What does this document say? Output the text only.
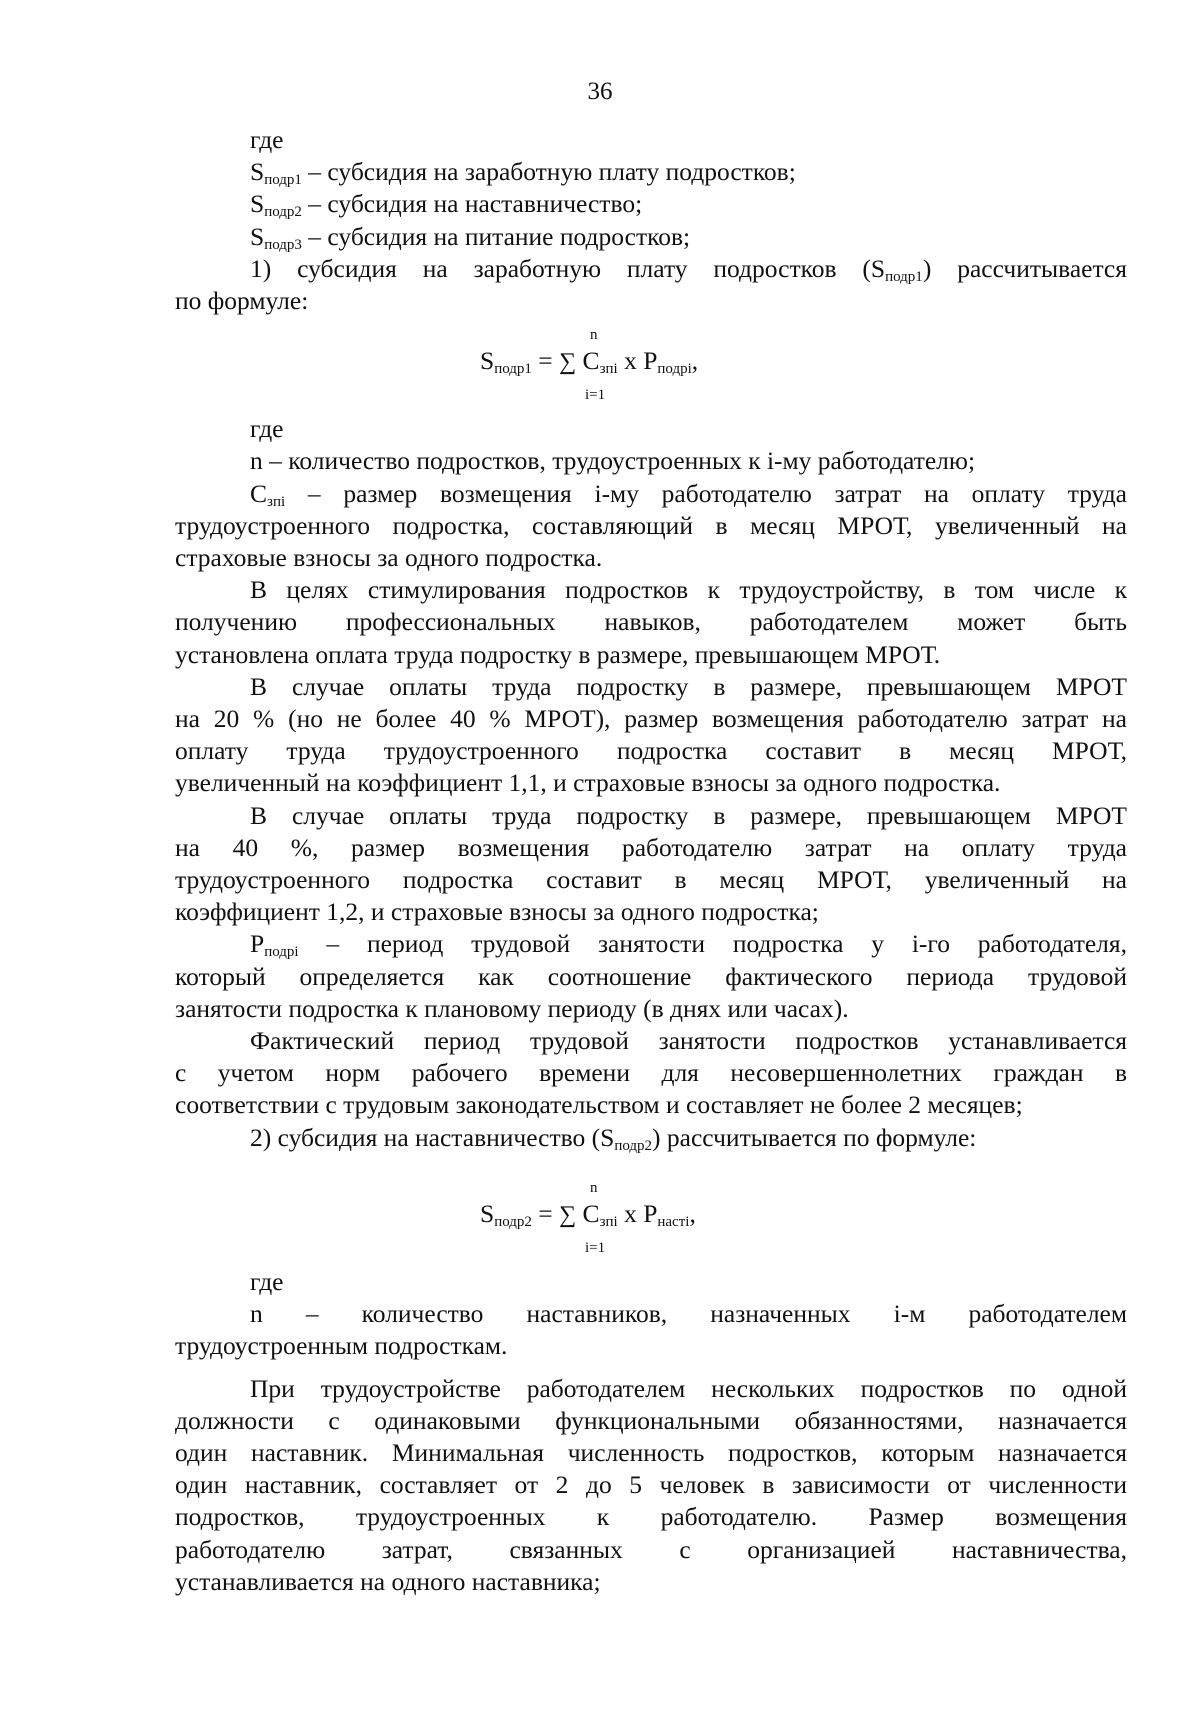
36

где

$S_{подр1}$ – субсидия на заработную плату подростков;

$S_{подр2}$ – субсидия на наставничество;

$S_{подр3}$ – субсидия на питание подростков;

1) субсидия на заработную плату подростков $(S_{подр1})$ рассчитывается

по формуле:

n
$S_{подр1}$ = ∑ $C_{зпi}$ x $P_{подрi}$,
i=1

где

n – количество подростков, трудоустроенных к i-му работодателю;

$C_{зпi}$ – размер возмещения i-му работодателю затрат на оплату труда

трудоустроенного подростка, составляющий в месяц МРОТ, увеличенный на

страховые взносы за одного подростка.

В целях стимулирования подростков к трудоустройству, в том числе к

получению профессиональных навыков, работодателем может быть

установлена оплата труда подростку в размере, превышающем МРОТ.

В случае оплаты труда подростку в размере, превышающем МРОТ

на 20 % (но не более 40 % МРОТ), размер возмещения работодателю затрат на

оплату труда трудоустроенного подростка составит в месяц МРОТ,

увеличенный на коэффициент 1,1, и страховые взносы за одного подростка.

В случае оплаты труда подростку в размере, превышающем МРОТ

на 40 %, размер возмещения работодателю затрат на оплату труда

трудоустроенного подростка составит в месяц МРОТ, увеличенный на

коэффициент 1,2, и страховые взносы за одного подростка;

$P_{подрi}$ – период трудовой занятости подростка у i-го работодателя,

который определяется как соотношение фактического периода трудовой

занятости подростка к плановому периоду (в днях или часах).

Фактический период трудовой занятости подростков устанавливается

с учетом норм рабочего времени для несовершеннолетних граждан в

соответствии с трудовым законодательством и составляет не более 2 месяцев;

2) субсидия на наставничество $(S_{подр2})$ рассчитывается по формуле:

n
$S_{подр2}$ = ∑ $C_{зпi}$ x $P_{настi}$,
i=1

где

n – количество наставников, назначенных i-м работодателем

трудоустроенным подросткам.

При трудоустройстве работодателем нескольких подростков по одной

должности с одинаковыми функциональными обязанностями, назначается

один наставник. Минимальная численность подростков, которым назначается

один наставник, составляет от 2 до 5 человек в зависимости от численности

подростков, трудоустроенных к работодателю. Размер возмещения

работодателю затрат, связанных с организацией наставничества,

устанавливается на одного наставника;
